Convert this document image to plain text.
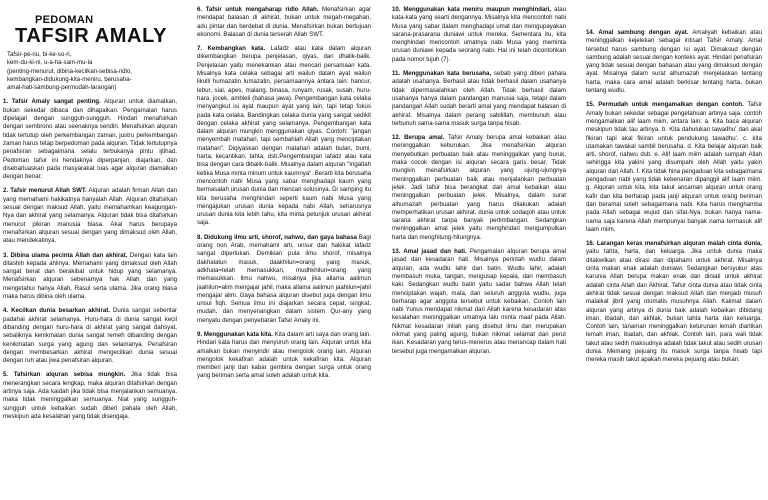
PEDOMAN
TAFSIR AMALY

Tafsir-pe-nu, bi-ke-so-ri,

kem-du-ki-ni, u-a-ha-sam-mu-la

(penting-menurut, dibina-kecilkan-sebisa-ridlo,

kembangkan-didukung-kita-meniru, berusaha-

amal-hati-sambung-permudah-larangan)

1. Tafsir Amaly sangat penting. Alquran untuk diamalkan, bukan sekedar dibaca dan dihapalkan. Pengamalan harus dipelajari dengan sungguh-sungguh. Hindari menafsirkan dengan sembrono atau seenaknya sendiri. Menafsirkan alquran tidak tertutup oleh perkembangan zaman, justru perkembangan zaman harus tetap berpedoman pada alquran. Tidak tertutupnya penafsiran sebagaimana selalu terbukanya pintu ijtihad. Pedoman tafsir ini hendaknya diperpanjan, diajarkan, dan disebarluaskan pada masyarakat luas agar alquran diamalkan dengan benar.

2. Tafsir menurut Allah SWT. Alquran adalah firman Allah dan yang memahami hakikatnya hanyalah Allah. Alquran ditafsirkan sesuai dengan maksud Allah, yaitu memahamkan keagungan-Nya dan akhirat yang selamanya. Alquran tidak bisa ditafsirkan menurut pikiran manusia biasa. Akal harus berupaya menafsirkan alquran sesuai dengan yang dimaksud oleh Allah, atau mendekatinya.

3. Dibina ulama pecinta Allah dan akhirat. Dengan kata lain ditashih kepada ahlinya. Memahami yang dimaksud oleh Allah sangat berat dan berakibat untuk hidup yang selamanya. Menafsirkan alquran sebenarnya hak Allah dan yang mengetahui hanya Allah, Rasul serta ulama. Jika orang biasa maka harus dibina oleh ulama.

4. Kecilkan dunia besarkan akhirat. Dunia sangat sebentar padahal akhirat selamanya. Huru-hara di dunia sangat kecil dibanding dengan huru-hara di akhirat yang sangat dahsyat, sebaliknya kenikmatan dunia sangat remeh dibanding dengan kenikmatan surga yang agung dan selamanya. Penafsiran dengan membesarkan akhirat mengecilkan dunia sesuai dengan ruh atau jiwa penafsiran alquran.

5. Tafsirkan alquran sebisa mungkin. Jika tidak bisa menerangkan secara lengkap, maka alquran ditafsirkan dengan artinya saja. Ada kaidah jika tidak bisa menjalankan semuanya, maka tidak meninggalkan semuanya. Niat yang sungguh-sungguh untuk kebaikan sudah diberi pahala oleh Allah, meskipun ada kesalahan yang tidak disengaja.

6. Tafsir untuk mengaharap ridlo Allah. Menafsirkan agar mendapat balasan di akhirat, bukan untuk megah-megahan, adu pintar dan berdebat di dunia. Menafsirkan bukan bertujuan ekonomi. Balasan di dunia terserah Allah SWT.

7. Kembangkan kata. Lafadz atau kata dalam alquran dikembangkan berupa penjelasan, qiyas, dan dhalik-balik. Penjelasan yaitu menekankan atau mencari persamaan kata. Misalnya kata celaka sebagai arti wailun dalam ayat wailun likulli humazatin lumazatin, persamaannya antara lain: hancur, lebur, sial, apes, malang, binasa, runyam, rusak, susah, huru-hara, jocek, ambleli (bahasa jawa). Pengembangan kata celaka menyangkut isi ayat maupun ayat yang lain, tapi tetap fokus pada kata celaka. Bandingkan celaka dunia yang sangat sedikit dengan celaka akhirat yang selamanya. Pengembangan kata dalam alquran mungkin menggunakan qiyas. Contoh: "jangan menyembah matahari, tapi sembahlah Allah yang menciptakan matahari". Diqiyaskan dengan matahari adalah bulan, bumi, harta, kecantikan, tahta, dsb.Pengembangan lafadz atau kata bisa dengan cara dibalik-balik. Misalnya dalam alquran "Ingatlah ketika Musa minta minum untuk kaumnya". Berarti kita berusaha mencontoh nabi Musa yang sabar menghadapi kaum yang bermasalah urusan dunia dan mencari solusinya. Di samping itu kita berusaha menghindari seperti kaum nabi Musa yang mengajukan urusan dunia kepada nabi Allah, seharusnya urusan dunia kita lebih tahu, kita minta petunjuk urusan akhirat saja.

8. Didukung ilmu arti, shorof, nahwu, dan gaya bahasa Bagi orang non Arab, memahami arti, unsur dan hakikat lafadz sangat diperlukan. Demikian pula ilmu shorof, misalnya dakhalatun masuk, daakhilun=orang yang masuk, adkhala=telah memasukkan, mudhkhilun=orang yang memasukkan. Ilmu nahwu, misalnya jika allama aalimun jaahilun=alim mengajar jahil, maka allama aalimun jaahilun=jahil mengajar alim. Gaya bahasa alquran disebut juga dengan ilmu unsul fiqh. Semua ilmu ini diajarkan secara cepat, singkat, mudah, dan menyenangkan dalam sistem Qur-any yang menyatu dengan penyebaran Tafsir Amaly ini.

9. Menggunakan kata kita. Kita dalam arti saya dan orang lain. Hindari kata harus dan menyuruh orang lain. Alquran untuk kita amalkan bukan menyindir atau mengolok orang lain. Alquran mengolok kekafiran adalah untuk kekafiran kita. Alquran memberi janji dan kabar gembira dengan surga untuk orang yang beriman serta amal soleh adalah untuk kita.

10. Menggunakan kata meniru maupun menghindari, atau kata-kata yang searti dengannya. Misalnya kita mencontoh nabi Musa yang sabar dalam menghadapi umat dan mengupayakan sarana-prasarana duniawi untuk mereka. Sementara itu, kita menghindari mencontoh umatnya nabi Musa yang meminta urusan duniawi kepada seorang nabi. Hal ini telah dicontohkan pada nomor tujuh (7).

11. Menggunakan kata berusaha, sebab yang diberi pahala adalah usahanya. Berhasil atau tidak berhasil dalam usahanya tidak dipermasalahkan oleh Allah. Tidak berhasil dalam usahanya hanya dalam pandangan manusia saja, tetapi dalam pandangan Allah sudah berarti amal yang mendapat balasan di akhirat. Misalnya dalam perang sabilillah, membunuh atau terbunuh sama-sama masuk surga tanpa hisab.

12. Berupa amal. Tafsir Amaly berupa amal kebaikan atau meninggalkan keburukan. Jika menafsirkan alquran menyebutkan perbuatan baik atau meninggalkan yang buruk, maka cocok dengan isi alquran secara garis besar. Tidak mungkin menafsirkan alquran yang ujung-ujungnya meninggalkan perbuatan baik atau menjalankan perbuatan jelek. Jadi tafsir bisa berangkat dari amal kebaikan atau meninggalkan perbuatan jelek. Misalnya, dalam surat alhumazah perbuatan yang harus dilakukan adalah memperhatikan urusan akhirat, dunia untuk sodaqoh atau untuk sarana akhirat tanpa banyak pertimbangan. Sedangkan meninggalkan amal jelek yaitu menghindari mengumpulkan harta dan menghitung-hitungnya.

13. Amal jasad dan hati. Pengamalan alquran berupa amal jasad dan kesadaran hati. Misalnya perintah wudlu dalam alquran, ada wudlu lahir dan batin. Wudlu lahir, adalah membasuh muka, tangan, mengusap kepala, dan membasuh kaki. Sedangkan wudlu batin yaitu sadar bahwa Allah telah menciptakan wajah, mata, dan seluruh anggota wudlu, juga berharap agar anggota tersebut untuk kebaikan. Contoh lain nabi Yunus mendapat nikmat dari Allah karena kesadaran atas kesalahan meninggalkan umatnya lalu minta maaf pada Allah. Nikmat kesadaran inilah yang disebut ilmu dan merupakan nikmat yang paling agung, bukan nikmat selamat dari perut ikan. Kesadaran yang terus-menerus atau menancap dalam hati tersebut juga mengamalkan alquran.

14. Amal sambung dengan ayat. Amaliyah kebaikan atau meninggalkan kejelekan sebagai intisari Tafsir Amaly. Amal tersebut harus sambung dengan isi ayat. Dimaksud dengan sambung adalah sesuai dengan konteks ayat. Hindari penafsiran yang tidak sesuai dengan bahasan atau yang dimaksud dengan ayat. Misalnya dalam surat alhumazah menjelaskan tentang harta, maka cara amal adalah berkisar tentang harta, bukan tentang wudlu.

15. Permudah untuk mengamalkan dengan contoh. Tafsir Amaly bukan sekedar sebagai pengetahuan artinya saja. contoh mengamalkan alif laam miim, antara lain: a. Kita baca alquran meskipun tidak tau artinya. b. Kita dahulukan tawadhu' dari akal fikiran tapi akal fikiran untuk pendukung tawadhu'. c. kita utamakan tawakal sambil berusaha. d. Kita belajar alquran baik arti, shorof, nahwu dsb. e. Alif laam miim adalah sumpah Allah sehingga kita yakini yang disumpahi oleh Allah yaitu yakin alquran dari Allah. f. Kita tidak hina pengaduan kita sebagaimana pengaduan nabi yang tidak kebenaran dipanggil alif laam miim. g. Alquran untuk kita, kita takut ancaman alquran untuk orang kafir dan kita berharap pada janji alquran untuk orang beriman dan beramal soleh sebagaimana nabi. Kita harus menghamba pada Allah sebagai wujud dan sifat-Nya, bukan hanya nama-nama saja karena Allah mempunyai banyak nama termasuk alif laam miim.

16. Larangan keras menafsirkan alquran malah cinta dunia, yaitu tahta, harta, dan keluarga. Jika untuk dunia maka ditakwilkan atau dirasi dan dipahami untuk akhirat. Misalnya cinta makan enak adalah duniawi. Sedangkan bersyukur atas karunia Allah berupa makan enak dan diniati untuk akhirat adalah cinta Allah dan Akhirat. Tafsir cinta dunia atau tidak cinta akhirat tidak sesuai dengan maksud Allah dan menjadi musuh malaikat jibril yang otomatis musuhnya Allah. Kalimat dalam alquran yang artinya di dunia baik adalah kebaikan dibidang iman, ibadah, dan akhlak, bukan tahta harta dan keluarga. Contoh lain, tanaman meninggalkan keturunan lemah diartikan lemah iman, ibadah, dan akhlak. Contoh lain, para wali tidak takut atau sedih maksudnya adalah tidak takut atau sedih urusan dunia. Memang pejuang itu masuk surga tanpa hisab tapi mereka masih takut apakah mereka pejuang atau bukan.
